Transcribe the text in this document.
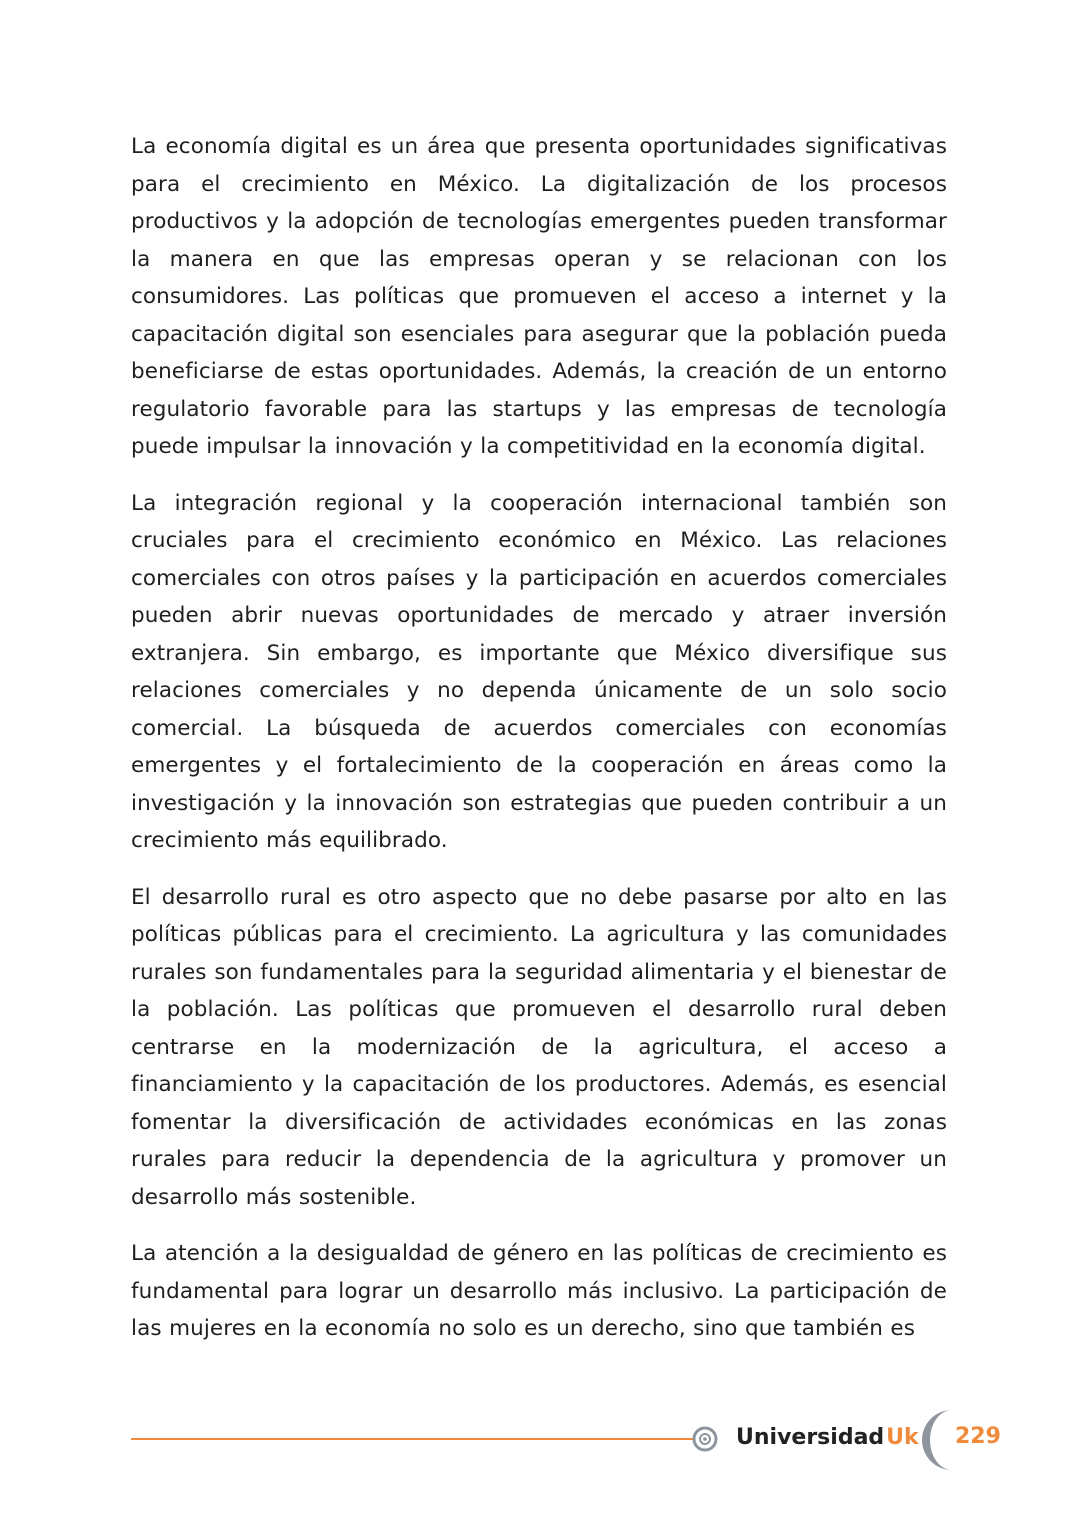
La economía digital es un área que presenta oportunidades significativas para el crecimiento en México. La digitalización de los procesos productivos y la adopción de tecnologías emergentes pueden transformar la manera en que las empresas operan y se relacionan con los consumidores. Las políticas que promueven el acceso a internet y la capacitación digital son esenciales para asegurar que la población pueda beneficiarse de estas oportunidades. Además, la creación de un entorno regulatorio favorable para las startups y las empresas de tecnología puede impulsar la innovación y la competitividad en la economía digital.

La integración regional y la cooperación internacional también son cruciales para el crecimiento económico en México. Las relaciones comerciales con otros países y la participación en acuerdos comerciales pueden abrir nuevas oportunidades de mercado y atraer inversión extranjera. Sin embargo, es importante que México diversifique sus relaciones comerciales y no dependa únicamente de un solo socio comercial. La búsqueda de acuerdos comerciales con economías emergentes y el fortalecimiento de la cooperación en áreas como la investigación y la innovación son estrategias que pueden contribuir a un crecimiento más equilibrado.

El desarrollo rural es otro aspecto que no debe pasarse por alto en las políticas públicas para el crecimiento. La agricultura y las comunidades rurales son fundamentales para la seguridad alimentaria y el bienestar de la población. Las políticas que promueven el desarrollo rural deben centrarse en la modernización de la agricultura, el acceso a financiamiento y la capacitación de los productores. Además, es esencial fomentar la diversificación de actividades económicas en las zonas rurales para reducir la dependencia de la agricultura y promover un desarrollo más sostenible.

La atención a la desigualdad de género en las políticas de crecimiento es fundamental para lograr un desarrollo más inclusivo. La participación de las mujeres en la economía no solo es un derecho, sino que también es

UniversidadUk 229
